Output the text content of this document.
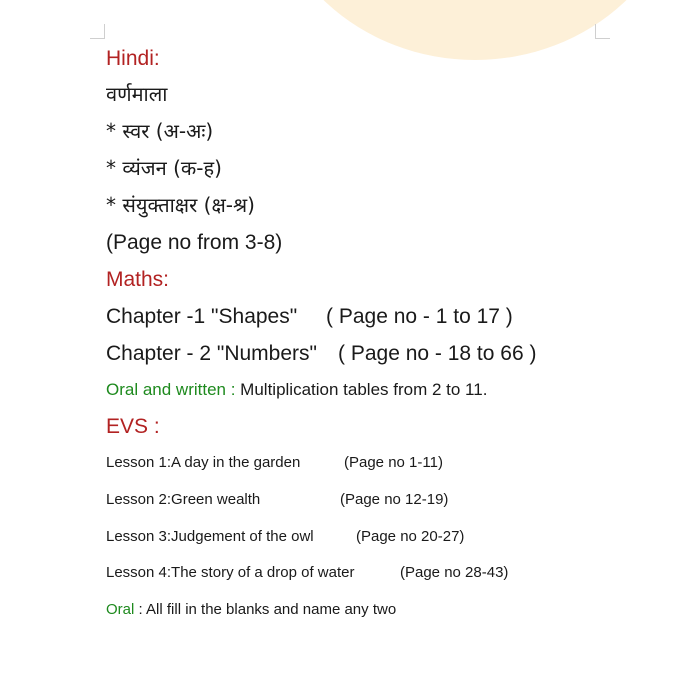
Hindi:
वर्णमाला
* स्वर (अ-अः)
* व्यंजन (क-ह)
* संयुक्ताक्षर (क्ष-श्र)
(Page no from 3-8)
Maths:
Chapter -1 "Shapes" ( Page no - 1 to 17 )
Chapter - 2 "Numbers" ( Page no - 18 to 66 )
Oral and written : Multiplication tables from 2 to 11.
EVS :
Lesson 1:A day in the garden	(Page no 1-11)
Lesson 2:Green wealth	(Page no 12-19)
Lesson 3:Judgement of the owl	(Page no 20-27)
Lesson 4:The story of a drop of water	(Page no 28-43)
Oral : All fill in the blanks and name any two
